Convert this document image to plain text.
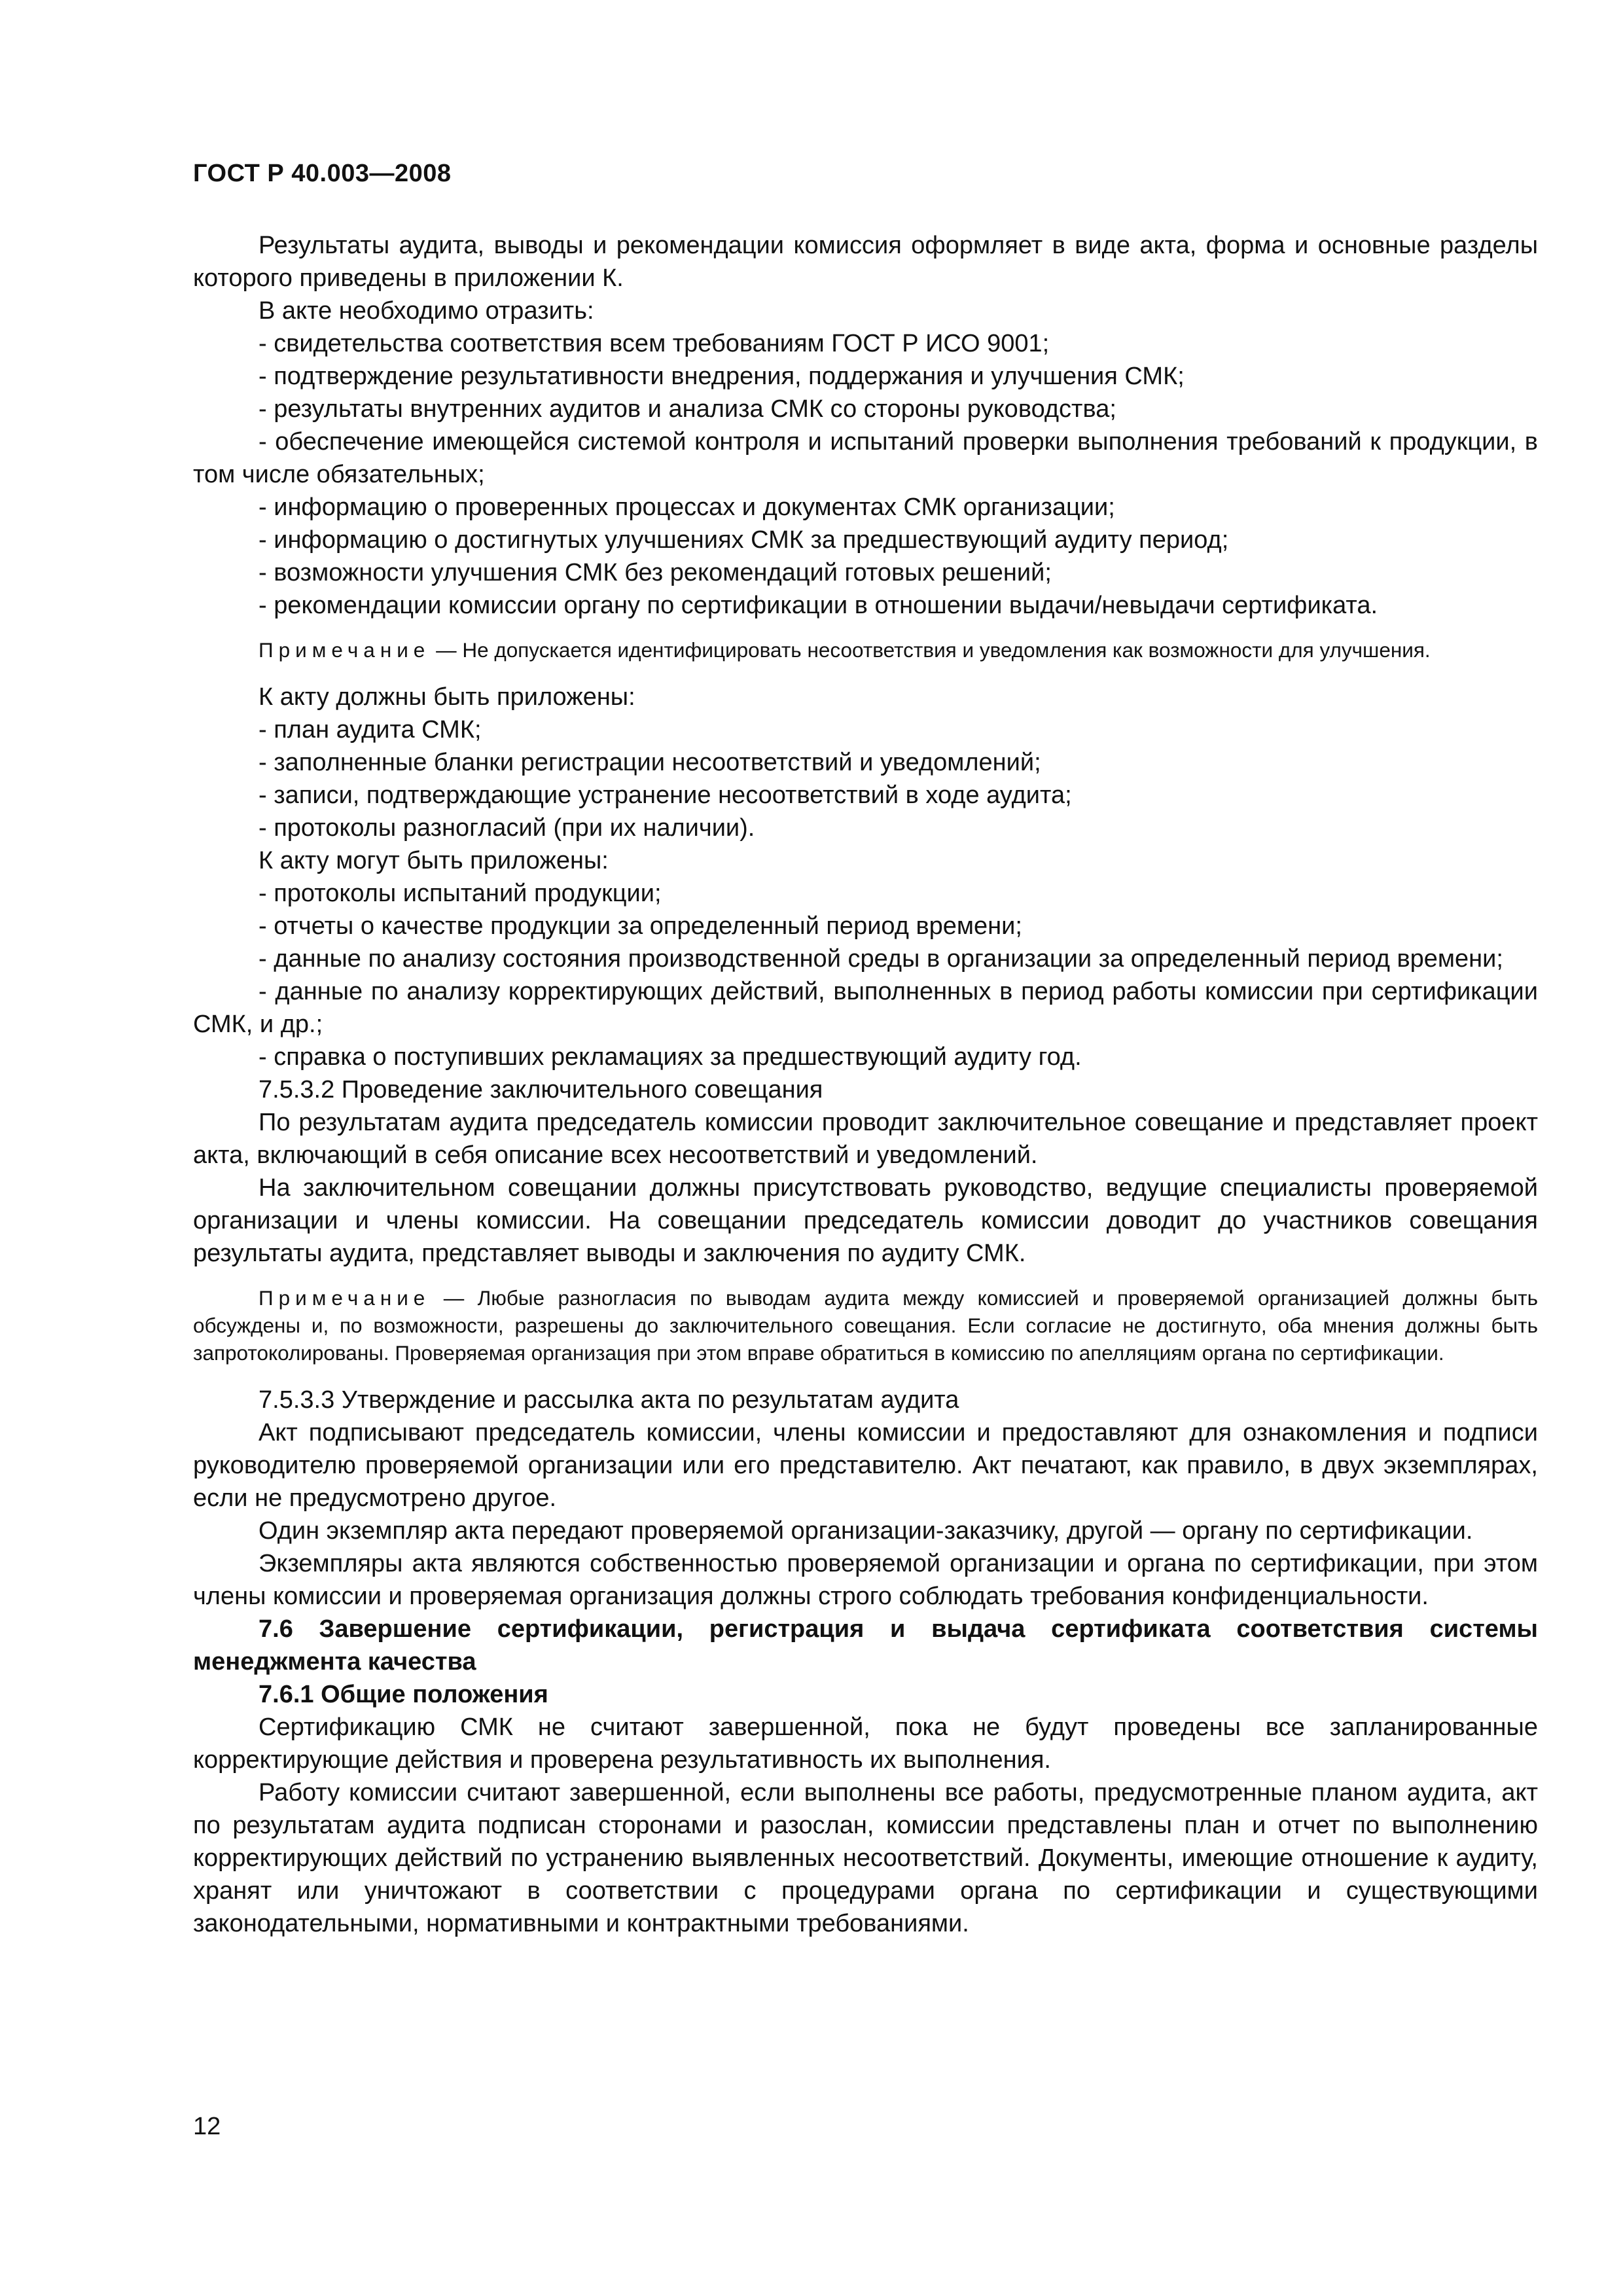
ГОСТ Р 40.003—2008

Результаты аудита, выводы и рекомендации комиссия оформляет в виде акта, форма и основные разделы которого приведены в приложении К.

В акте необходимо отразить:

- свидетельства соответствия всем требованиям ГОСТ Р ИСО 9001;

- подтверждение результативности внедрения, поддержания и улучшения СМК;

- результаты внутренних аудитов и анализа СМК со стороны руководства;

- обеспечение имеющейся системой контроля и испытаний проверки выполнения требований к продукции, в том числе обязательных;

- информацию о проверенных процессах и документах СМК организации;

- информацию о достигнутых улучшениях СМК за предшествующий аудиту период;

- возможности улучшения СМК без рекомендаций готовых решений;

- рекомендации комиссии органу по сертификации в отношении выдачи/невыдачи сертификата.

Примечание — Не допускается идентифицировать несоответствия и уведомления как возможности для улучшения.

К акту должны быть приложены:

- план аудита СМК;

- заполненные бланки регистрации несоответствий и уведомлений;

- записи, подтверждающие устранение несоответствий в ходе аудита;

- протоколы разногласий (при их наличии).

К акту могут быть приложены:

- протоколы испытаний продукции;

- отчеты о качестве продукции за определенный период времени;

- данные по анализу состояния производственной среды в организации за определенный период времени;

- данные по анализу корректирующих действий, выполненных в период работы комиссии при сертификации СМК, и др.;

- справка о поступивших рекламациях за предшествующий аудиту год.

7.5.3.2 Проведение заключительного совещания

По результатам аудита председатель комиссии проводит заключительное совещание и представляет проект акта, включающий в себя описание всех несоответствий и уведомлений.

На заключительном совещании должны присутствовать руководство, ведущие специалисты проверяемой организации и члены комиссии. На совещании председатель комиссии доводит до участников совещания результаты аудита, представляет выводы и заключения по аудиту СМК.

Примечание — Любые разногласия по выводам аудита между комиссией и проверяемой организацией должны быть обсуждены и, по возможности, разрешены до заключительного совещания. Если согласие не достигнуто, оба мнения должны быть запротоколированы. Проверяемая организация при этом вправе обратиться в комиссию по апелляциям органа по сертификации.

7.5.3.3 Утверждение и рассылка акта по результатам аудита

Акт подписывают председатель комиссии, члены комиссии и предоставляют для ознакомления и подписи руководителю проверяемой организации или его представителю. Акт печатают, как правило, в двух экземплярах, если не предусмотрено другое.

Один экземпляр акта передают проверяемой организации-заказчику, другой — органу по сертификации.

Экземпляры акта являются собственностью проверяемой организации и органа по сертификации, при этом члены комиссии и проверяемая организация должны строго соблюдать требования конфиденциальности.

7.6 Завершение сертификации, регистрация и выдача сертификата соответствия системы менеджмента качества

7.6.1 Общие положения

Сертификацию СМК не считают завершенной, пока не будут проведены все запланированные корректирующие действия и проверена результативность их выполнения.

Работу комиссии считают завершенной, если выполнены все работы, предусмотренные планом аудита, акт по результатам аудита подписан сторонами и разослан, комиссии представлены план и отчет по выполнению корректирующих действий по устранению выявленных несоответствий. Документы, имеющие отношение к аудиту, хранят или уничтожают в соответствии с процедурами органа по сертификации и существующими законодательными, нормативными и контрактными требованиями.

12
